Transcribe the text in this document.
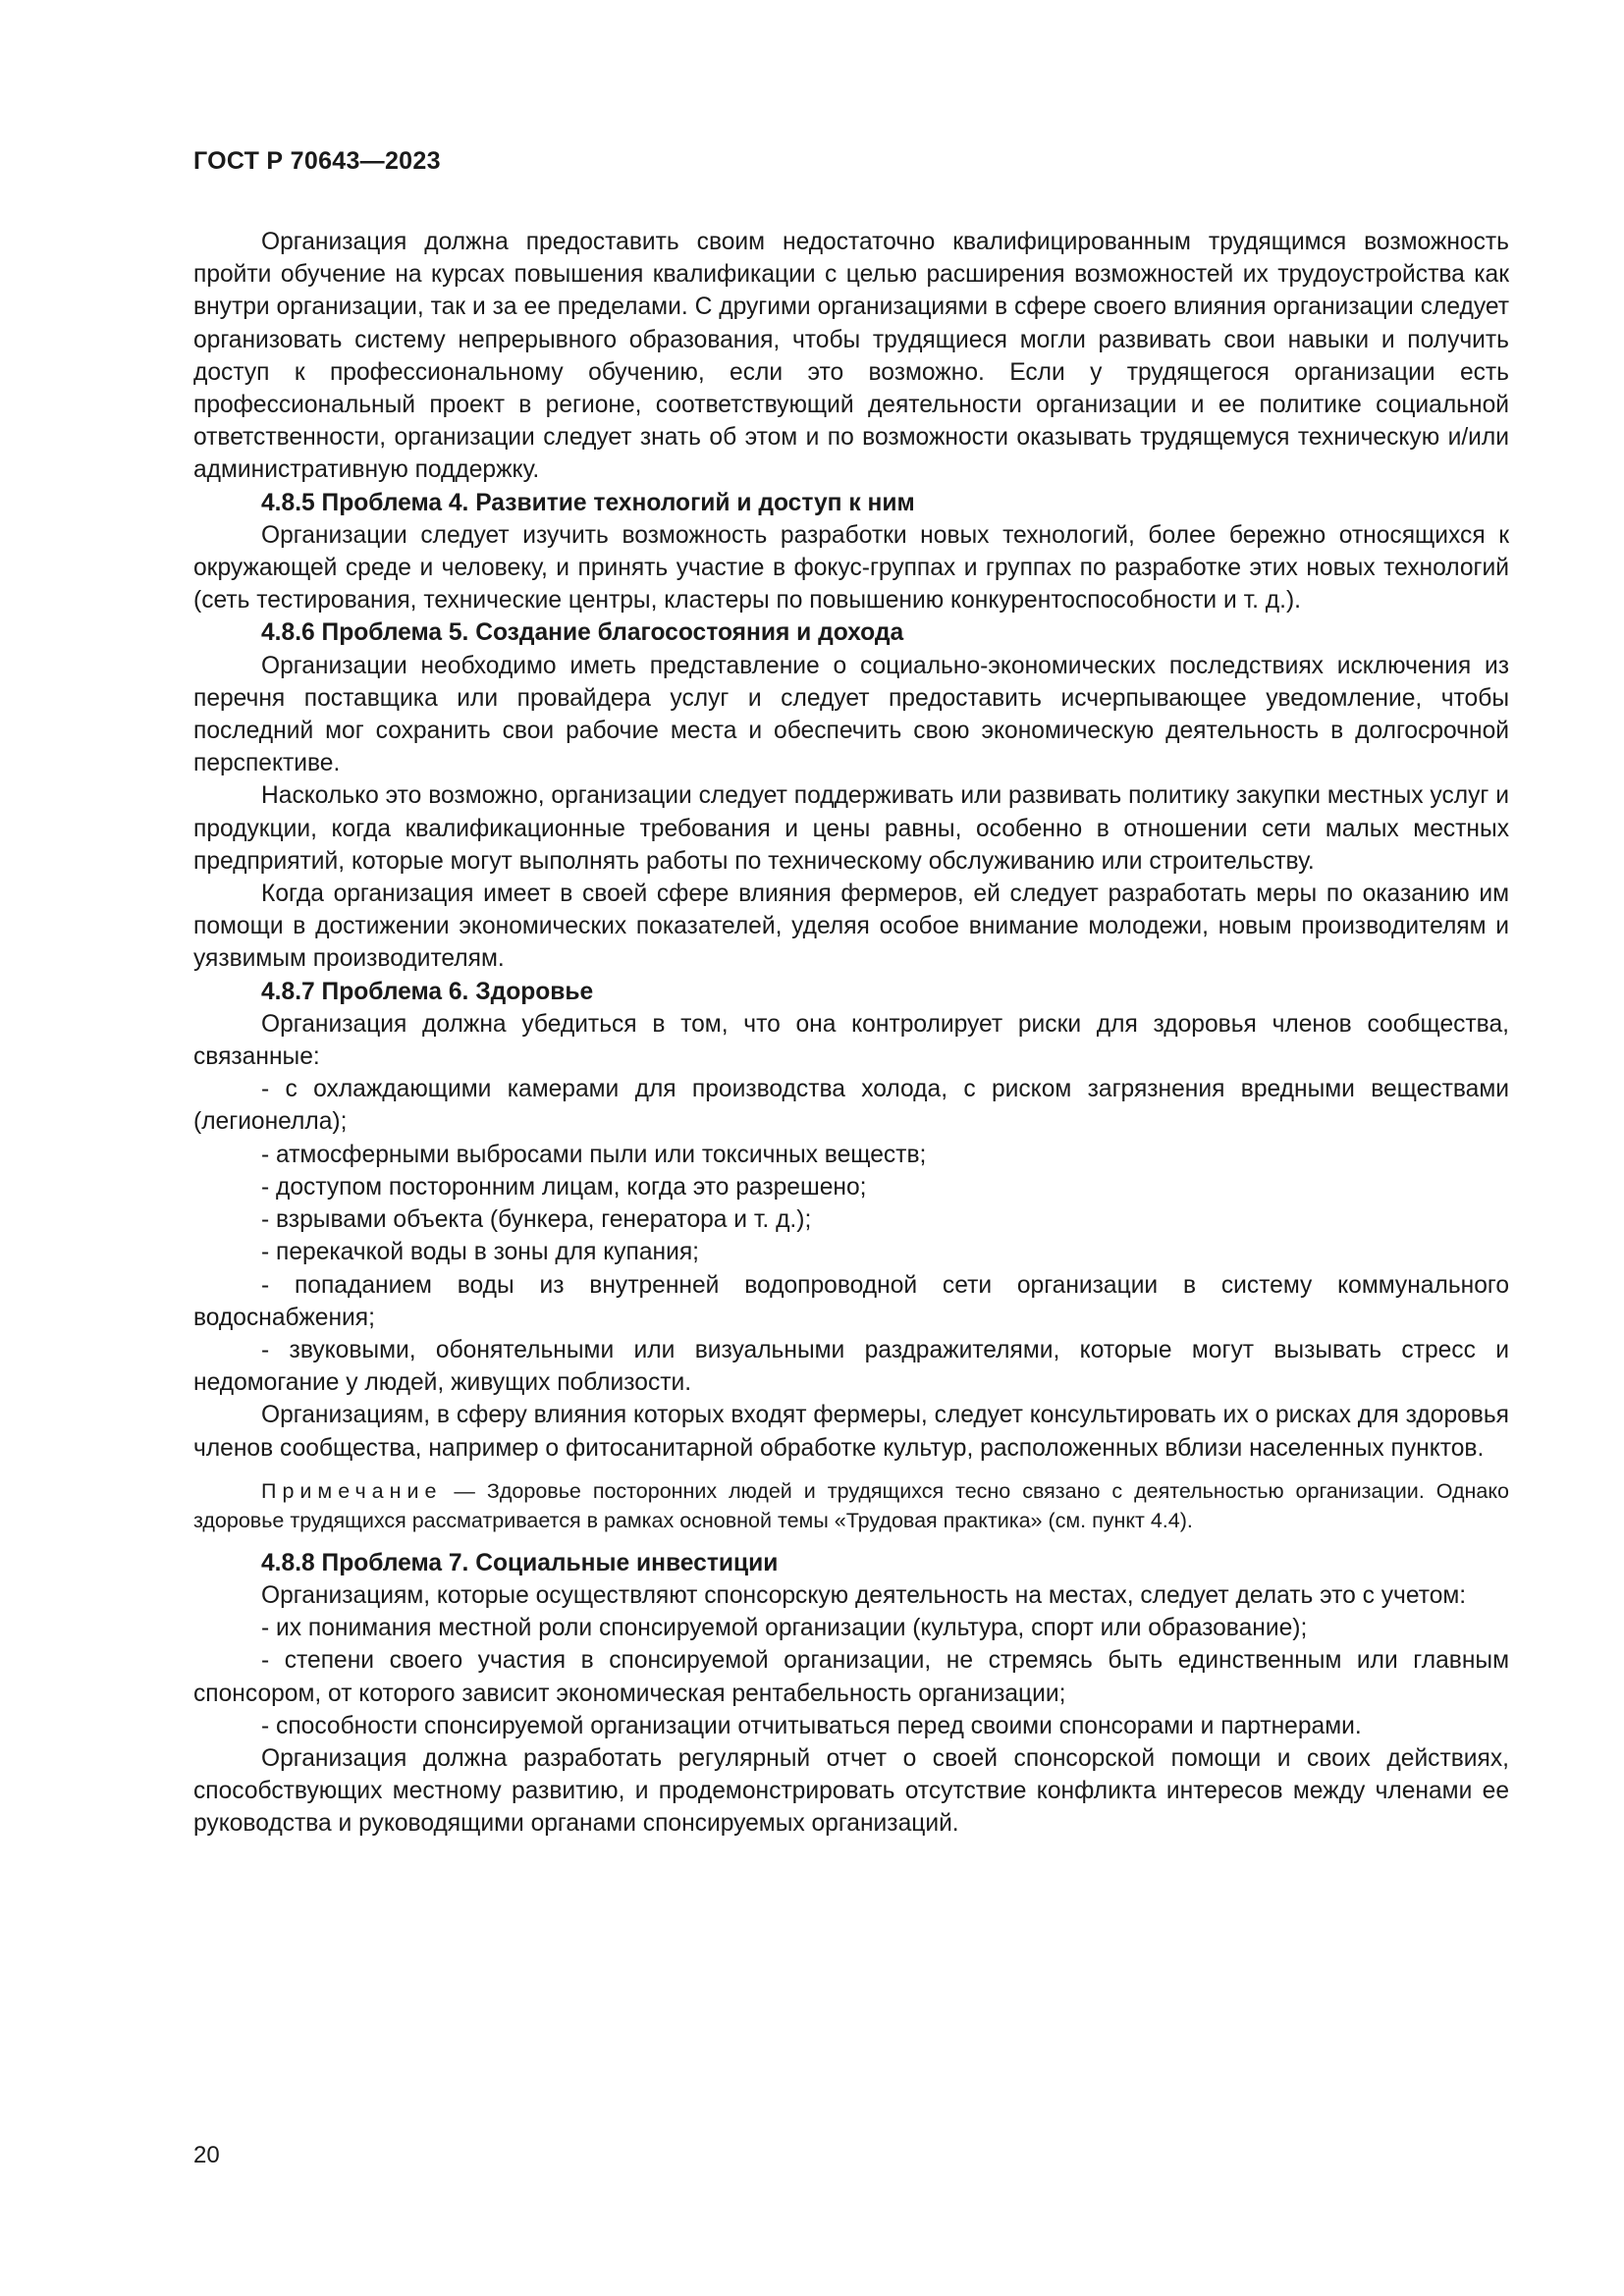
ГОСТ Р 70643—2023

Организация должна предоставить своим недостаточно квалифицированным трудящимся возможность пройти обучение на курсах повышения квалификации с целью расширения возможностей их трудоустройства как внутри организации, так и за ее пределами. С другими организациями в сфере своего влияния организации следует организовать систему непрерывного образования, чтобы трудящиеся могли развивать свои навыки и получить доступ к профессиональному обучению, если это возможно. Если у трудящегося организации есть профессиональный проект в регионе, соответствующий деятельности организации и ее политике социальной ответственности, организации следует знать об этом и по возможности оказывать трудящемуся техническую и/или административную поддержку.

4.8.5 Проблема 4. Развитие технологий и доступ к ним

Организации следует изучить возможность разработки новых технологий, более бережно относящихся к окружающей среде и человеку, и принять участие в фокус-группах и группах по разработке этих новых технологий (сеть тестирования, технические центры, кластеры по повышению конкурентоспособности и т. д.).

4.8.6 Проблема 5. Создание благосостояния и дохода

Организации необходимо иметь представление о социально-экономических последствиях исключения из перечня поставщика или провайдера услуг и следует предоставить исчерпывающее уведомление, чтобы последний мог сохранить свои рабочие места и обеспечить свою экономическую деятельность в долгосрочной перспективе.

Насколько это возможно, организации следует поддерживать или развивать политику закупки местных услуг и продукции, когда квалификационные требования и цены равны, особенно в отношении сети малых местных предприятий, которые могут выполнять работы по техническому обслуживанию или строительству.

Когда организация имеет в своей сфере влияния фермеров, ей следует разработать меры по оказанию им помощи в достижении экономических показателей, уделяя особое внимание молодежи, новым производителям и уязвимым производителям.

4.8.7 Проблема 6. Здоровье

Организация должна убедиться в том, что она контролирует риски для здоровья членов сообщества, связанные:

- с охлаждающими камерами для производства холода, с риском загрязнения вредными веществами (легионелла);

- атмосферными выбросами пыли или токсичных веществ;

- доступом посторонним лицам, когда это разрешено;

- взрывами объекта (бункера, генератора и т. д.);

- перекачкой воды в зоны для купания;

- попаданием воды из внутренней водопроводной сети организации в систему коммунального водоснабжения;

- звуковыми, обонятельными или визуальными раздражителями, которые могут вызывать стресс и недомогание у людей, живущих поблизости.

Организациям, в сферу влияния которых входят фермеры, следует консультировать их о рисках для здоровья членов сообщества, например о фитосанитарной обработке культур, расположенных вблизи населенных пунктов.

Примечание — Здоровье посторонних людей и трудящихся тесно связано с деятельностью организации. Однако здоровье трудящихся рассматривается в рамках основной темы «Трудовая практика» (см. пункт 4.4).

4.8.8 Проблема 7. Социальные инвестиции

Организациям, которые осуществляют спонсорскую деятельность на местах, следует делать это с учетом:

- их понимания местной роли спонсируемой организации (культура, спорт или образование);

- степени своего участия в спонсируемой организации, не стремясь быть единственным или главным спонсором, от которого зависит экономическая рентабельность организации;

- способности спонсируемой организации отчитываться перед своими спонсорами и партнерами.

Организация должна разработать регулярный отчет о своей спонсорской помощи и своих действиях, способствующих местному развитию, и продемонстрировать отсутствие конфликта интересов между членами ее руководства и руководящими органами спонсируемых организаций.

20
